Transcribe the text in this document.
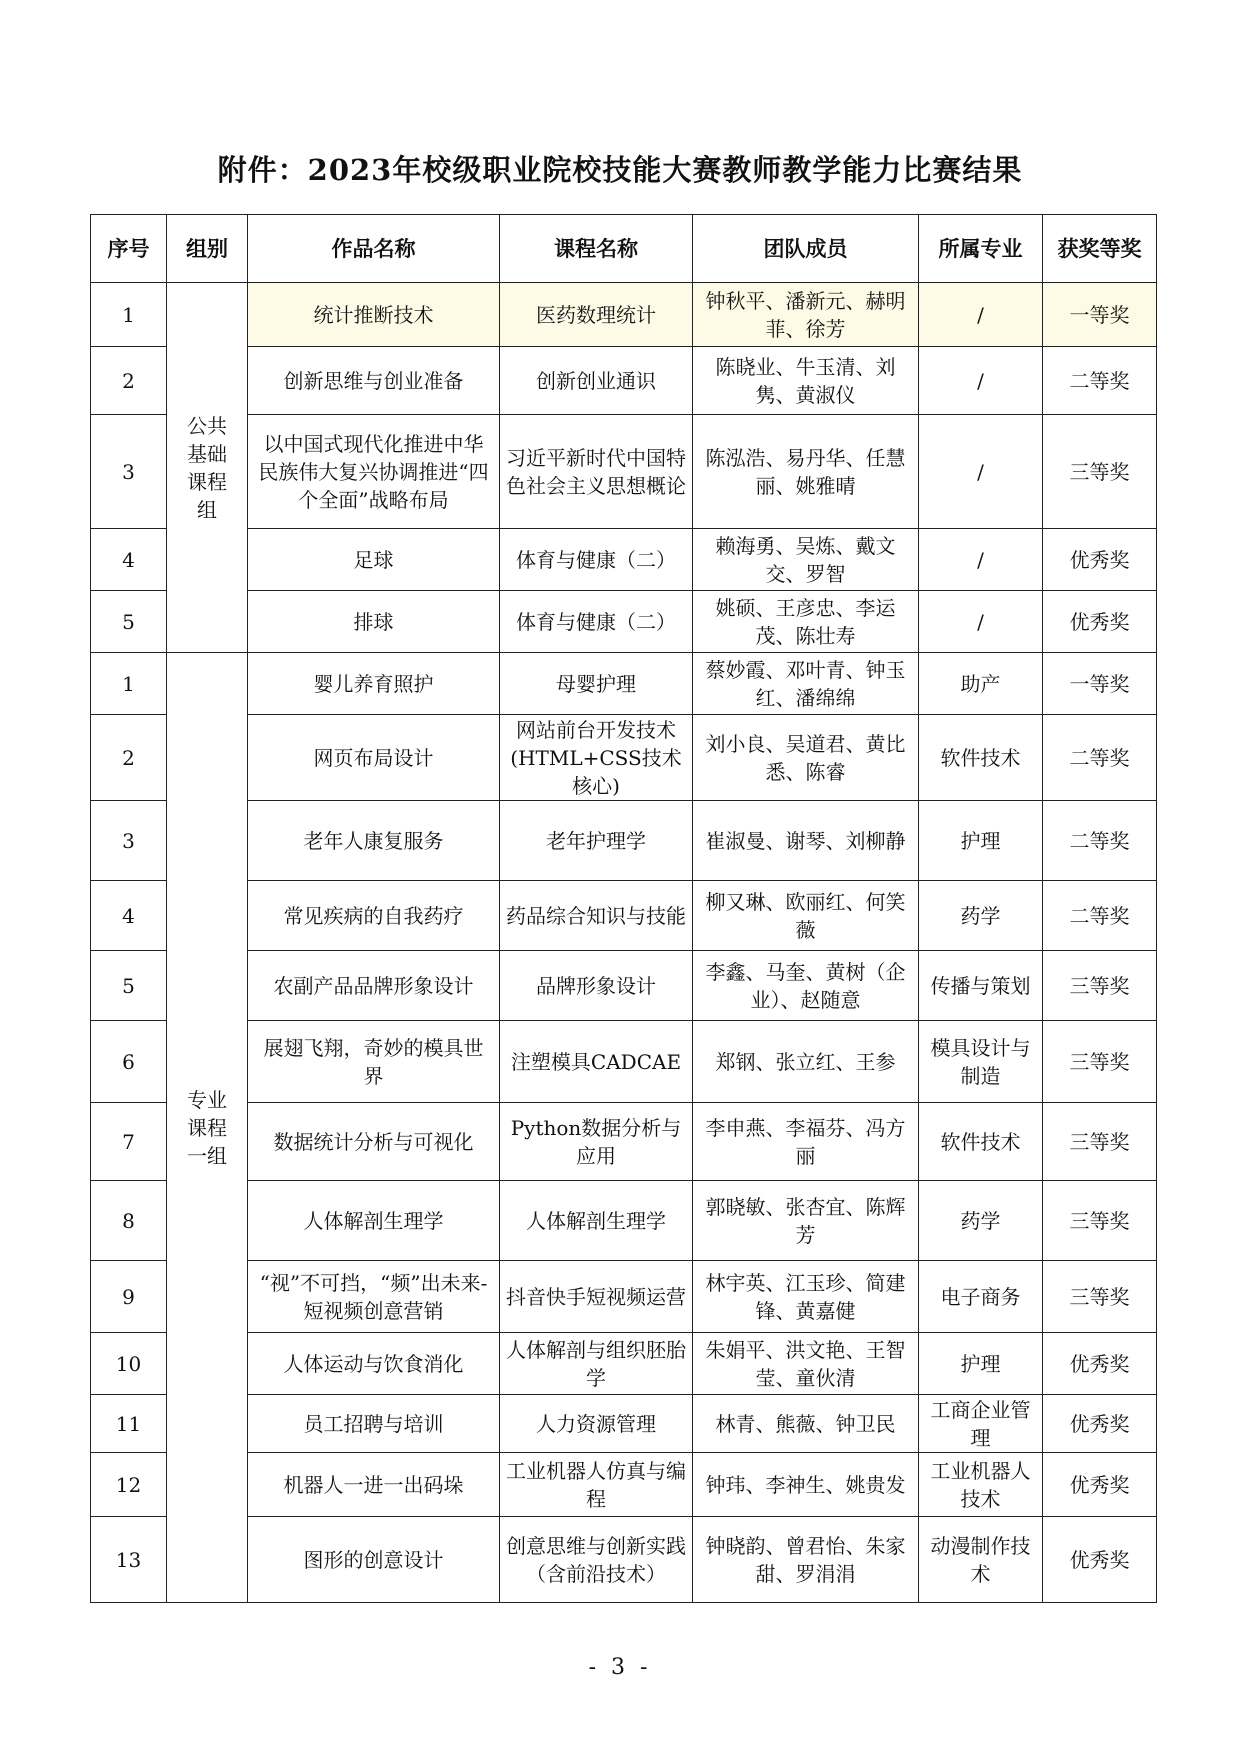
附件：2023年校级职业院校技能大赛教师教学能力比赛结果
序号	组别	作品名称	课程名称	团队成员	所属专业	获奖等奖
1	公共基础课程组	统计推断技术	医药数理统计	钟秋平、潘新元、赫明菲、徐芳	/	一等奖
2		创新思维与创业准备	创新创业通识	陈晓业、牛玉清、刘隽、黄淑仪	/	二等奖
3		以中国式现代化推进中华民族伟大复兴协调推进“四个全面”战略布局	习近平新时代中国特色社会主义思想概论	陈泓浩、易丹华、任慧丽、姚雅晴	/	三等奖
4		足球	体育与健康（二）	赖海勇、吴炼、戴文交、罗智	/	优秀奖
5		排球	体育与健康（二）	姚硕、王彦忠、李运茂、陈壮寿	/	优秀奖
1	专业课程一组	婴儿养育照护	母婴护理	蔡妙霞、邓叶青、钟玉红、潘绵绵	助产	一等奖
2		网页布局设计	网站前台开发技术(HTML+CSS技术核心)	刘小良、吴道君、黄比悉、陈睿	软件技术	二等奖
3		老年人康复服务	老年护理学	崔淑曼、谢琴、刘柳静	护理	二等奖
4		常见疾病的自我药疗	药品综合知识与技能	柳又琳、欧丽红、何笑薇	药学	二等奖
5		农副产品品牌形象设计	品牌形象设计	李鑫、马奎、黄树（企业）、赵随意	传播与策划	三等奖
6		展翅飞翔，奇妙的模具世界	注塑模具CADCAE	郑钢、张立红、王参	模具设计与制造	三等奖
7		数据统计分析与可视化	Python数据分析与应用	李申燕、李福芬、冯方丽	软件技术	三等奖
8		人体解剖生理学	人体解剖生理学	郭晓敏、张杏宜、陈辉芳	药学	三等奖
9		“视”不可挡，“频”出未来-短视频创意营销	抖音快手短视频运营	林宇英、江玉珍、简建锋、黄嘉健	电子商务	三等奖
10		人体运动与饮食消化	人体解剖与组织胚胎学	朱娟平、洪文艳、王智莹、童伙清	护理	优秀奖
11		员工招聘与培训	人力资源管理	林青、熊薇、钟卫民	工商企业管理	优秀奖
12		机器人一进一出码垛	工业机器人仿真与编程	钟玮、李神生、姚贵发	工业机器人技术	优秀奖
13		图形的创意设计	创意思维与创新实践（含前沿技术）	钟晓韵、曾君怡、朱家甜、罗涓涓	动漫制作技术	优秀奖
- 3 -
